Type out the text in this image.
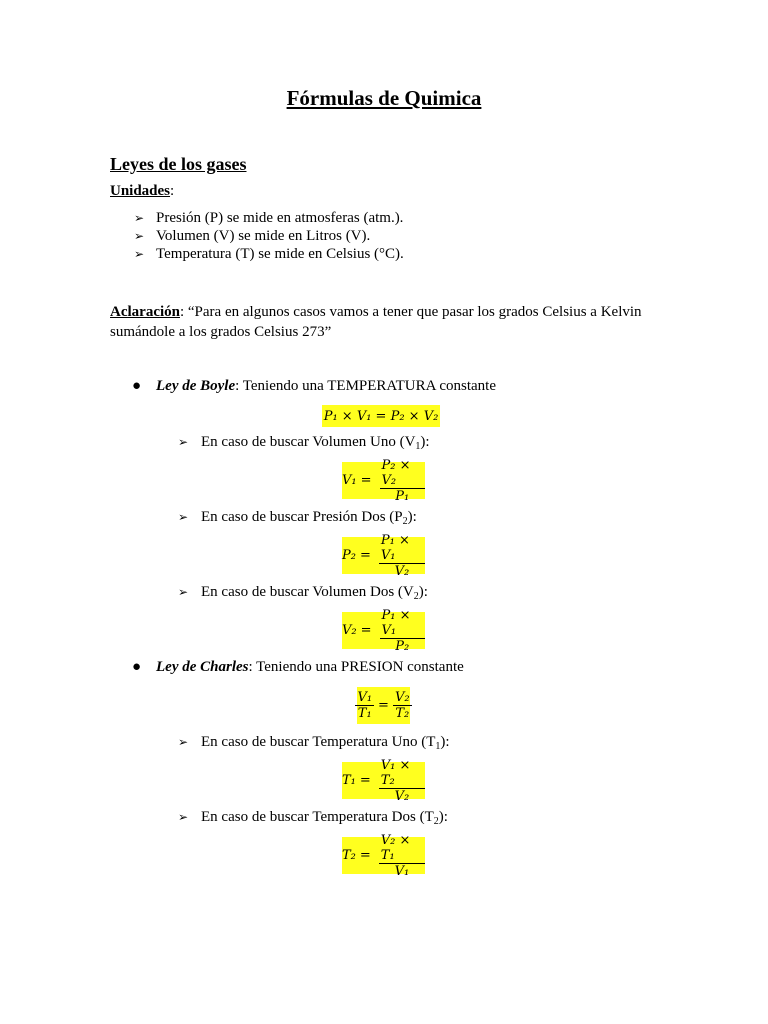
Fórmulas de Quimica
Leyes de los gases
Unidades:
➢ Presión (P) se mide en atmosferas (atm.).
➢ Volumen (V) se mide en Litros (V).
➢ Temperatura (T) se mide en Celsius (°C).
Aclaración: “Para en algunos casos vamos a tener que pasar los grados Celsius a Kelvin sumándole a los grados Celsius 273”
● Ley de Boyle: Teniendo una TEMPERATURA constante
P₁ × V₁ = P₂ × V₂
➢ En caso de buscar Volumen Uno $(V_1)$:
$V_1 = \frac{\text{P₂ × V₂}}{\text{P₁}}$
➢ En caso de buscar Presión Dos $(P_2)$:
$P_2 = \frac{\text{P₁ × V₁}}{\text{V₂}}$
➢ En caso de buscar Volumen Dos $(V_2)$:
$V_2 = \frac{\text{P₁ × V₁}}{\text{P₂}}$
● Ley de Charles: Teniendo una PRESION constante
$\frac{\text{V₁}}{\text{T₁}} = \frac{\text{V₂}}{\text{T₂}}$
➢ En caso de buscar Temperatura Uno $(T_1)$:
$T_1 = \frac{\text{V₁ × T₂}}{\text{V₂}}$
➢ En caso de buscar Temperatura Dos $(T_2)$:
$T_2 = \frac{\text{V₂ × T₁}}{\text{V₁}}$
